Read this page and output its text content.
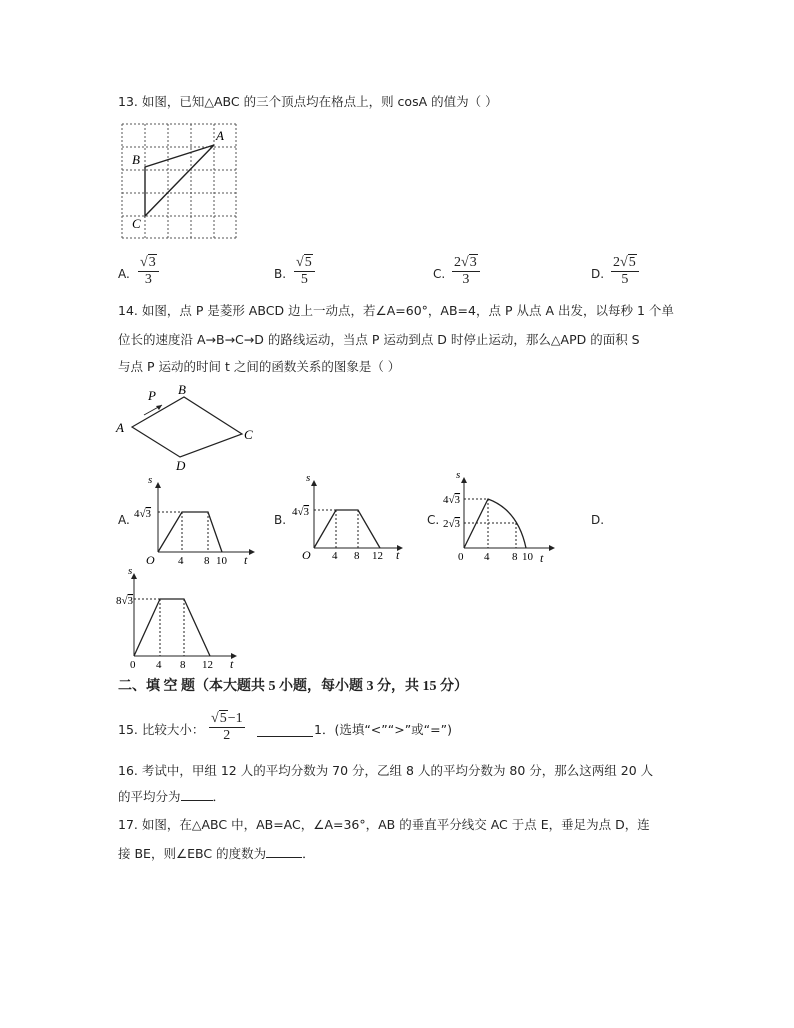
13. 如图，已知△ABC 的三个顶点均在格点上，则 cosA 的值为（ ）
A
B
C
A. $\frac{√3}{3}$	B. $\frac{√5}{5}$	C. $\frac{2√3}{3}$	D. $\frac{2√5}{5}$
14. 如图，点 P 是菱形 ABCD 边上一动点，若∠A=60°，AB=4，点 P 从点 A 出发，以每秒 1 个单
位长的速度沿 A→B→C→D 的路线运动，当点 P 运动到点 D 时停止运动，那么△APD 的面积 S
与点 P 运动的时间 t 之间的函数关系的图象是（ ）
A
B
C
D
P
A.
s
t
O
4√3
4 8 10
B.
s
t
O
4√3
4 8 12
C.
s
t
0
4√3
2√3
4 8 10
D.
s
t
0
8√3
4 8 12
二、填 空 题（本大题共 5 小题，每小题 3 分，共 15 分）
15. 比较大小： $\frac{√5-1}{2}$	1．(选填“<”“>”或“=”)
16. 考试中，甲组 12 人的平均分数为 70 分，乙组 8 人的平均分数为 80 分，那么这两组 20 人
的平均分为	．
17. 如图，在△ABC 中，AB=AC，∠A=36°，AB 的垂直平分线交 AC 于点 E，垂足为点 D，连
接 BE，则∠EBC 的度数为	．
